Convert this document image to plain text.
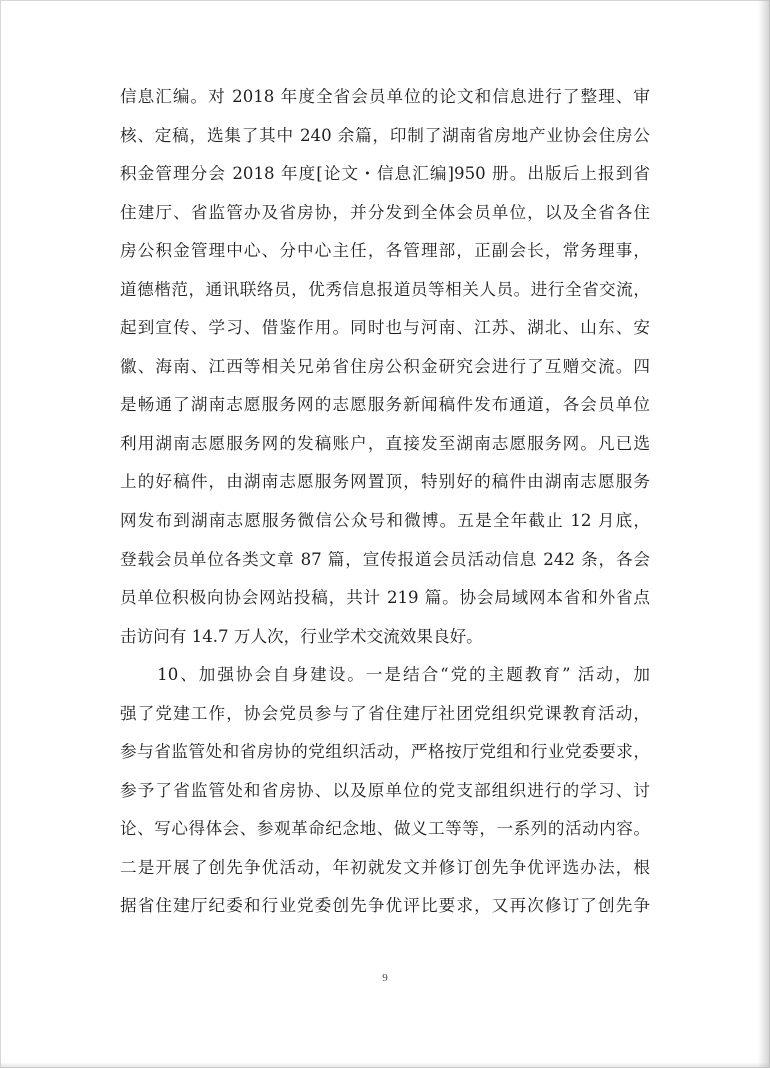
信息汇编。对 2018 年度全省会员单位的论文和信息进行了整理、审
核、定稿，选集了其中 240 余篇，印制了湖南省房地产业协会住房公
积金管理分会 2018 年度[论文・信息汇编]950 册。出版后上报到省
住建厅、省监管办及省房协，并分发到全体会员单位，以及全省各住
房公积金管理中心、分中心主任，各管理部，正副会长，常务理事，
道德楷范，通讯联络员，优秀信息报道员等相关人员。进行全省交流，
起到宣传、学习、借鉴作用。同时也与河南、江苏、湖北、山东、安
徽、海南、江西等相关兄弟省住房公积金研究会进行了互赠交流。四
是畅通了湖南志愿服务网的志愿服务新闻稿件发布通道，各会员单位
利用湖南志愿服务网的发稿账户，直接发至湖南志愿服务网。凡已选
上的好稿件，由湖南志愿服务网置顶，特别好的稿件由湖南志愿服务
网发布到湖南志愿服务微信公众号和微博。五是全年截止 12 月底，
登载会员单位各类文章 87 篇，宣传报道会员活动信息 242 条，各会
员单位积极向协会网站投稿，共计 219 篇。协会局域网本省和外省点
击访问有 14.7 万人次，行业学术交流效果良好。
　　10、加强协会自身建设。一是结合“党的主题教育” 活动，加
强了党建工作，协会党员参与了省住建厅社团党组织党课教育活动，
参与省监管处和省房协的党组织活动，严格按厅党组和行业党委要求，
参予了省监管处和省房协、以及原单位的党支部组织进行的学习、讨
论、写心得体会、参观革命纪念地、做义工等等，一系列的活动内容。
二是开展了创先争优活动，年初就发文并修订创先争优评选办法，根
据省住建厅纪委和行业党委创先争优评比要求，又再次修订了创先争
9
